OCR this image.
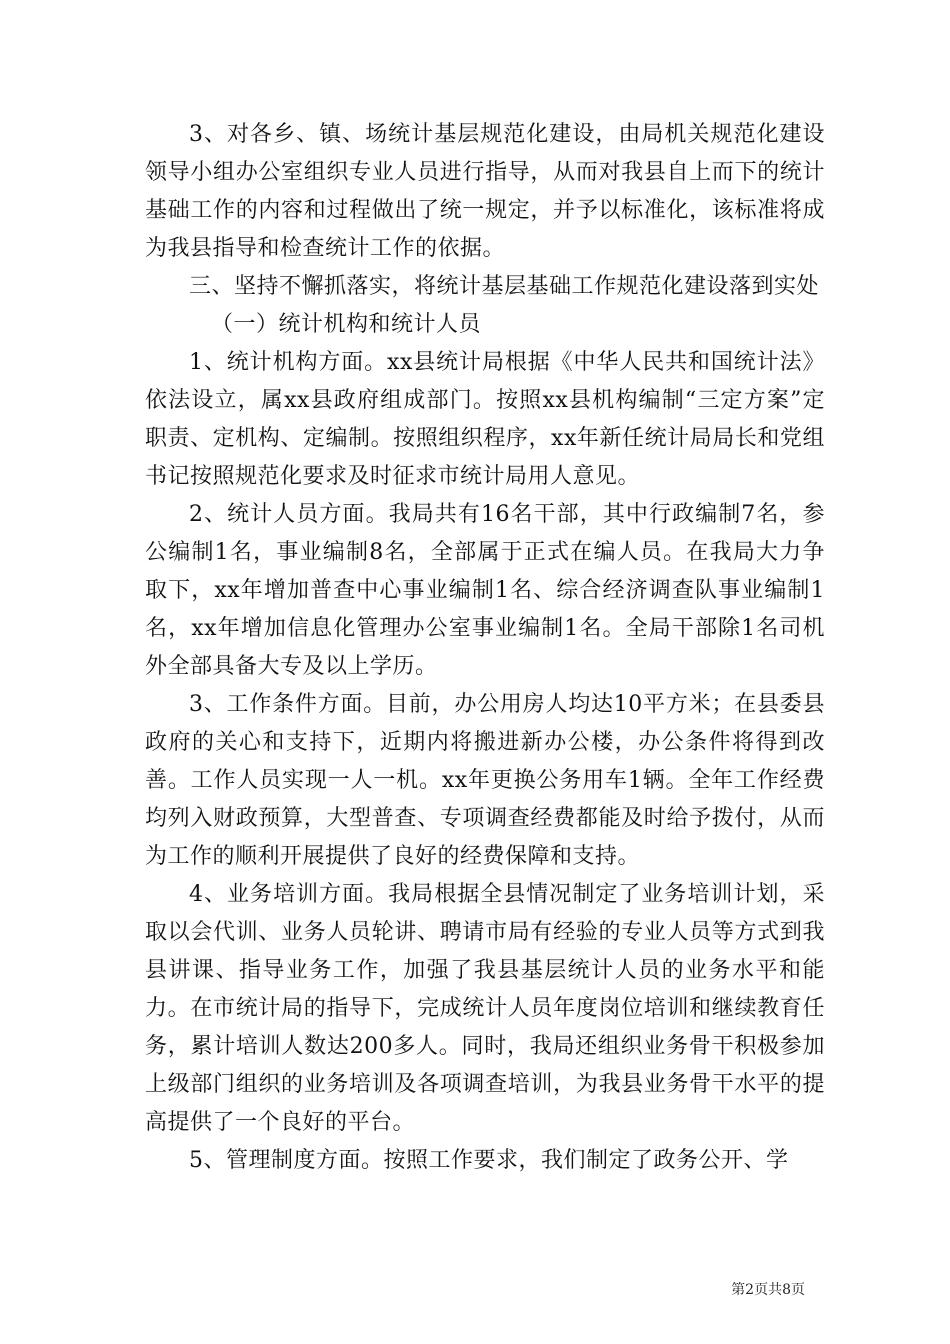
3、对各乡、镇、场统计基层规范化建设，由局机关规范化建设领导小组办公室组织专业人员进行指导，从而对我县自上而下的统计基础工作的内容和过程做出了统一规定，并予以标准化，该标准将成为我县指导和检查统计工作的依据。

三、坚持不懈抓落实，将统计基层基础工作规范化建设落到实处

（一）统计机构和统计人员

1、统计机构方面。xx县统计局根据《中华人民共和国统计法》依法设立，属xx县政府组成部门。按照xx县机构编制“三定方案”定职责、定机构、定编制。按照组织程序，xx年新任统计局局长和党组书记按照规范化要求及时征求市统计局用人意见。

2、统计人员方面。我局共有16名干部，其中行政编制7名，参公编制1名，事业编制8名，全部属于正式在编人员。在我局大力争取下，xx年增加普查中心事业编制1名、综合经济调查队事业编制1名，xx年增加信息化管理办公室事业编制1名。全局干部除1名司机外全部具备大专及以上学历。

3、工作条件方面。目前，办公用房人均达10平方米；在县委县政府的关心和支持下，近期内将搬进新办公楼，办公条件将得到改善。工作人员实现一人一机。xx年更换公务用车1辆。全年工作经费均列入财政预算，大型普查、专项调查经费都能及时给予拨付，从而为工作的顺利开展提供了良好的经费保障和支持。

4、业务培训方面。我局根据全县情况制定了业务培训计划，采取以会代训、业务人员轮讲、聘请市局有经验的专业人员等方式到我县讲课、指导业务工作，加强了我县基层统计人员的业务水平和能力。在市统计局的指导下，完成统计人员年度岗位培训和继续教育任务，累计培训人数达200多人。同时，我局还组织业务骨干积极参加上级部门组织的业务培训及各项调查培训，为我县业务骨干水平的提高提供了一个良好的平台。

5、管理制度方面。按照工作要求，我们制定了政务公开、学

第2页共8页
